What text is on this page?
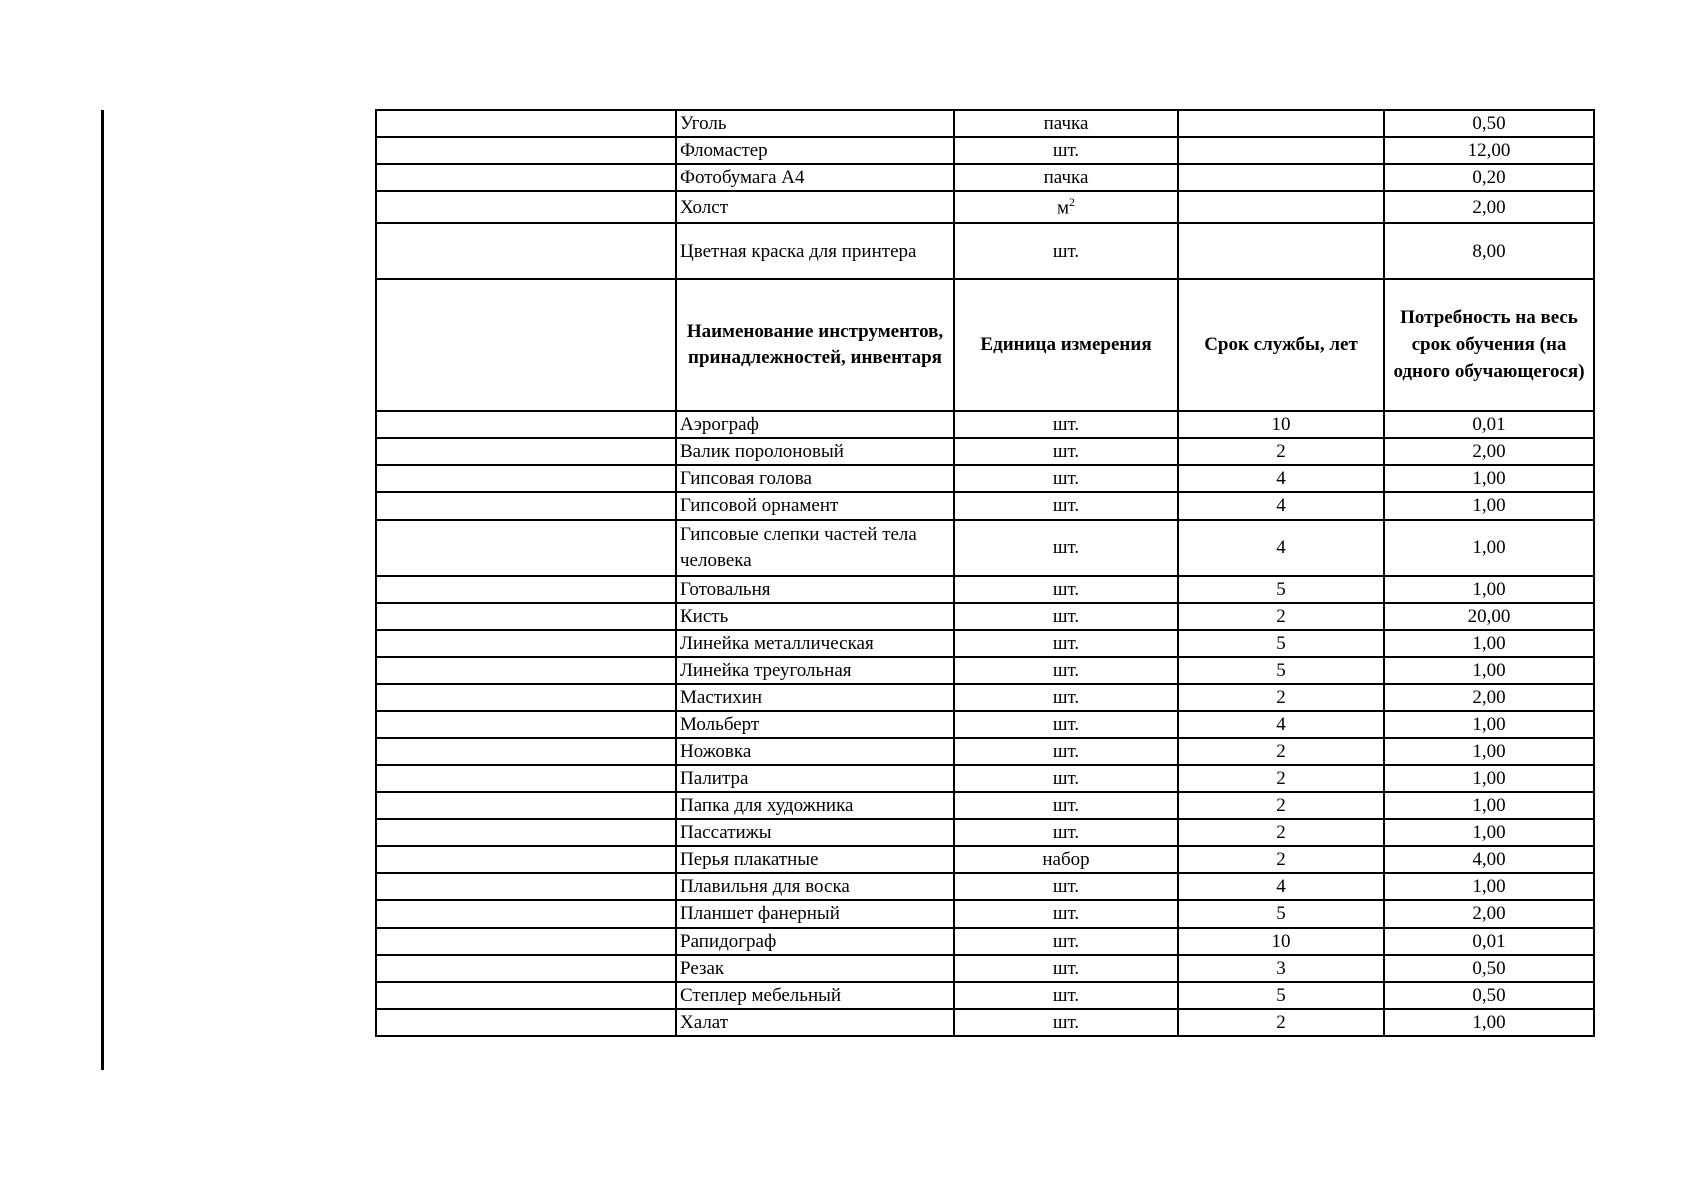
	Уголь	пачка		0,50
	Фломастер	шт.		12,00
	Фотобумага А4	пачка		0,20
	Холст	$м^2$		2,00
	Цветная краска для принтера	шт.		8,00
	Наименование инструментов, принадлежностей, инвентаря	Единица измерения	Срок службы, лет	Потребность на весь срок обучения (на одного обучающегося)
	Аэрограф	шт.	10	0,01
	Валик поролоновый	шт.	2	2,00
	Гипсовая голова	шт.	4	1,00
	Гипсовой орнамент	шт.	4	1,00
	Гипсовые слепки частей тела человека	шт.	4	1,00
	Готовальня	шт.	5	1,00
	Кисть	шт.	2	20,00
	Линейка металлическая	шт.	5	1,00
	Линейка треугольная	шт.	5	1,00
	Мастихин	шт.	2	2,00
	Мольберт	шт.	4	1,00
	Ножовка	шт.	2	1,00
	Палитра	шт.	2	1,00
	Папка для художника	шт.	2	1,00
	Пассатижы	шт.	2	1,00
	Перья плакатные	набор	2	4,00
	Плавильня для воска	шт.	4	1,00
	Планшет фанерный	шт.	5	2,00
	Рапидограф	шт.	10	0,01
	Резак	шт.	3	0,50
	Степлер мебельный	шт.	5	0,50
	Халат	шт.	2	1,00
